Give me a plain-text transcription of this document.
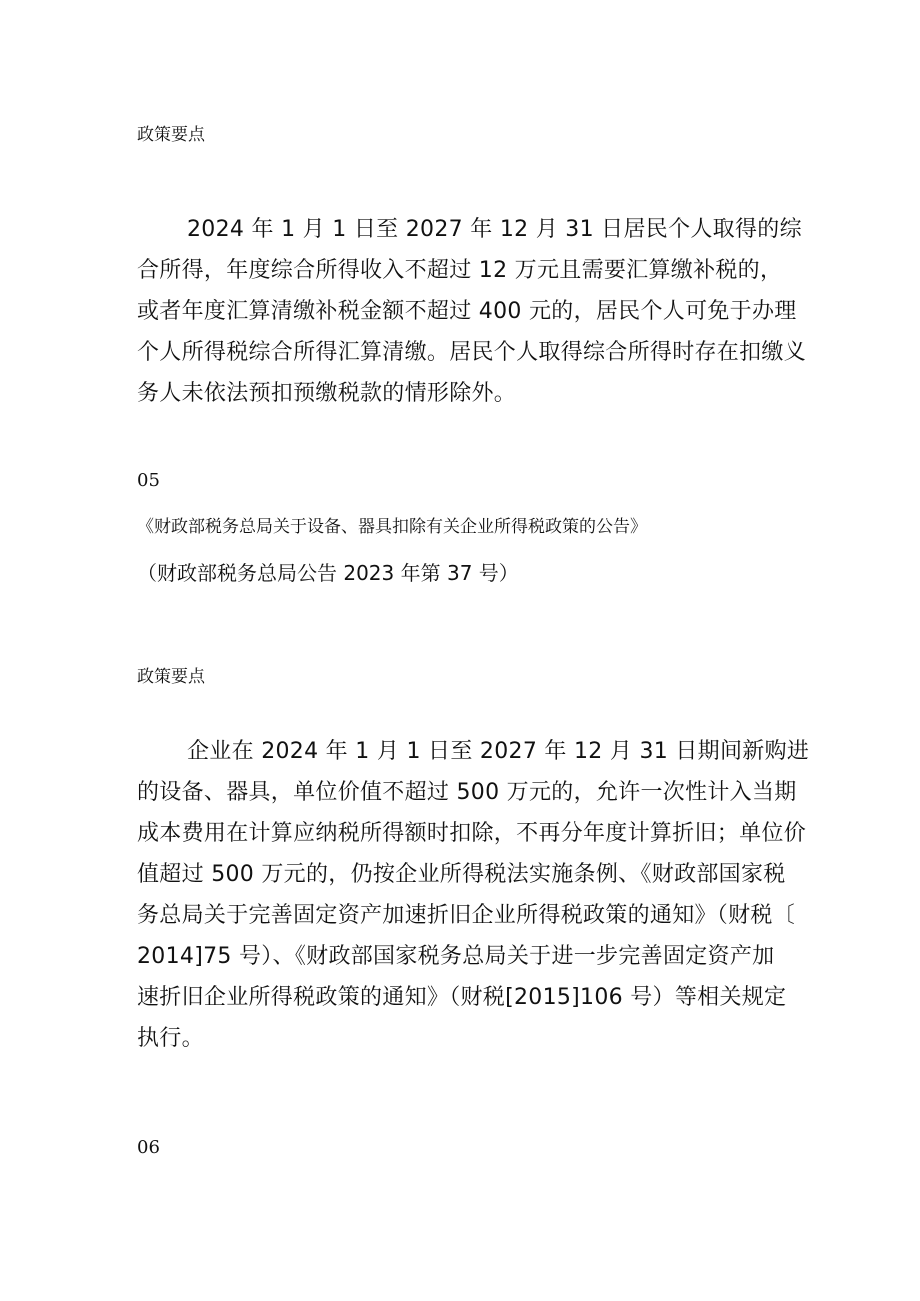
政策要点
2024 年 1 月 1 日至 2027 年 12 月 31 日居民个人取得的综
合所得，年度综合所得收入不超过 12 万元且需要汇算缴补税的，
或者年度汇算清缴补税金额不超过 400 元的，居民个人可免于办理
个人所得税综合所得汇算清缴。居民个人取得综合所得时存在扣缴义
务人未依法预扣预缴税款的情形除外。
05
《财政部税务总局关于设备、器具扣除有关企业所得税政策的公告》
（财政部税务总局公告 2023 年第 37 号）
政策要点
企业在 2024 年 1 月 1 日至 2027 年 12 月 31 日期间新购进
的设备、器具，单位价值不超过 500 万元的，允许一次性计入当期
成本费用在计算应纳税所得额时扣除，不再分年度计算折旧；单位价
值超过 500 万元的，仍按企业所得税法实施条例、《财政部国家税
务总局关于完善固定资产加速折旧企业所得税政策的通知》（财税〔
2014]75 号）、《财政部国家税务总局关于进一步完善固定资产加
速折旧企业所得税政策的通知》（财税[2015]106 号）等相关规定
执行。
06
